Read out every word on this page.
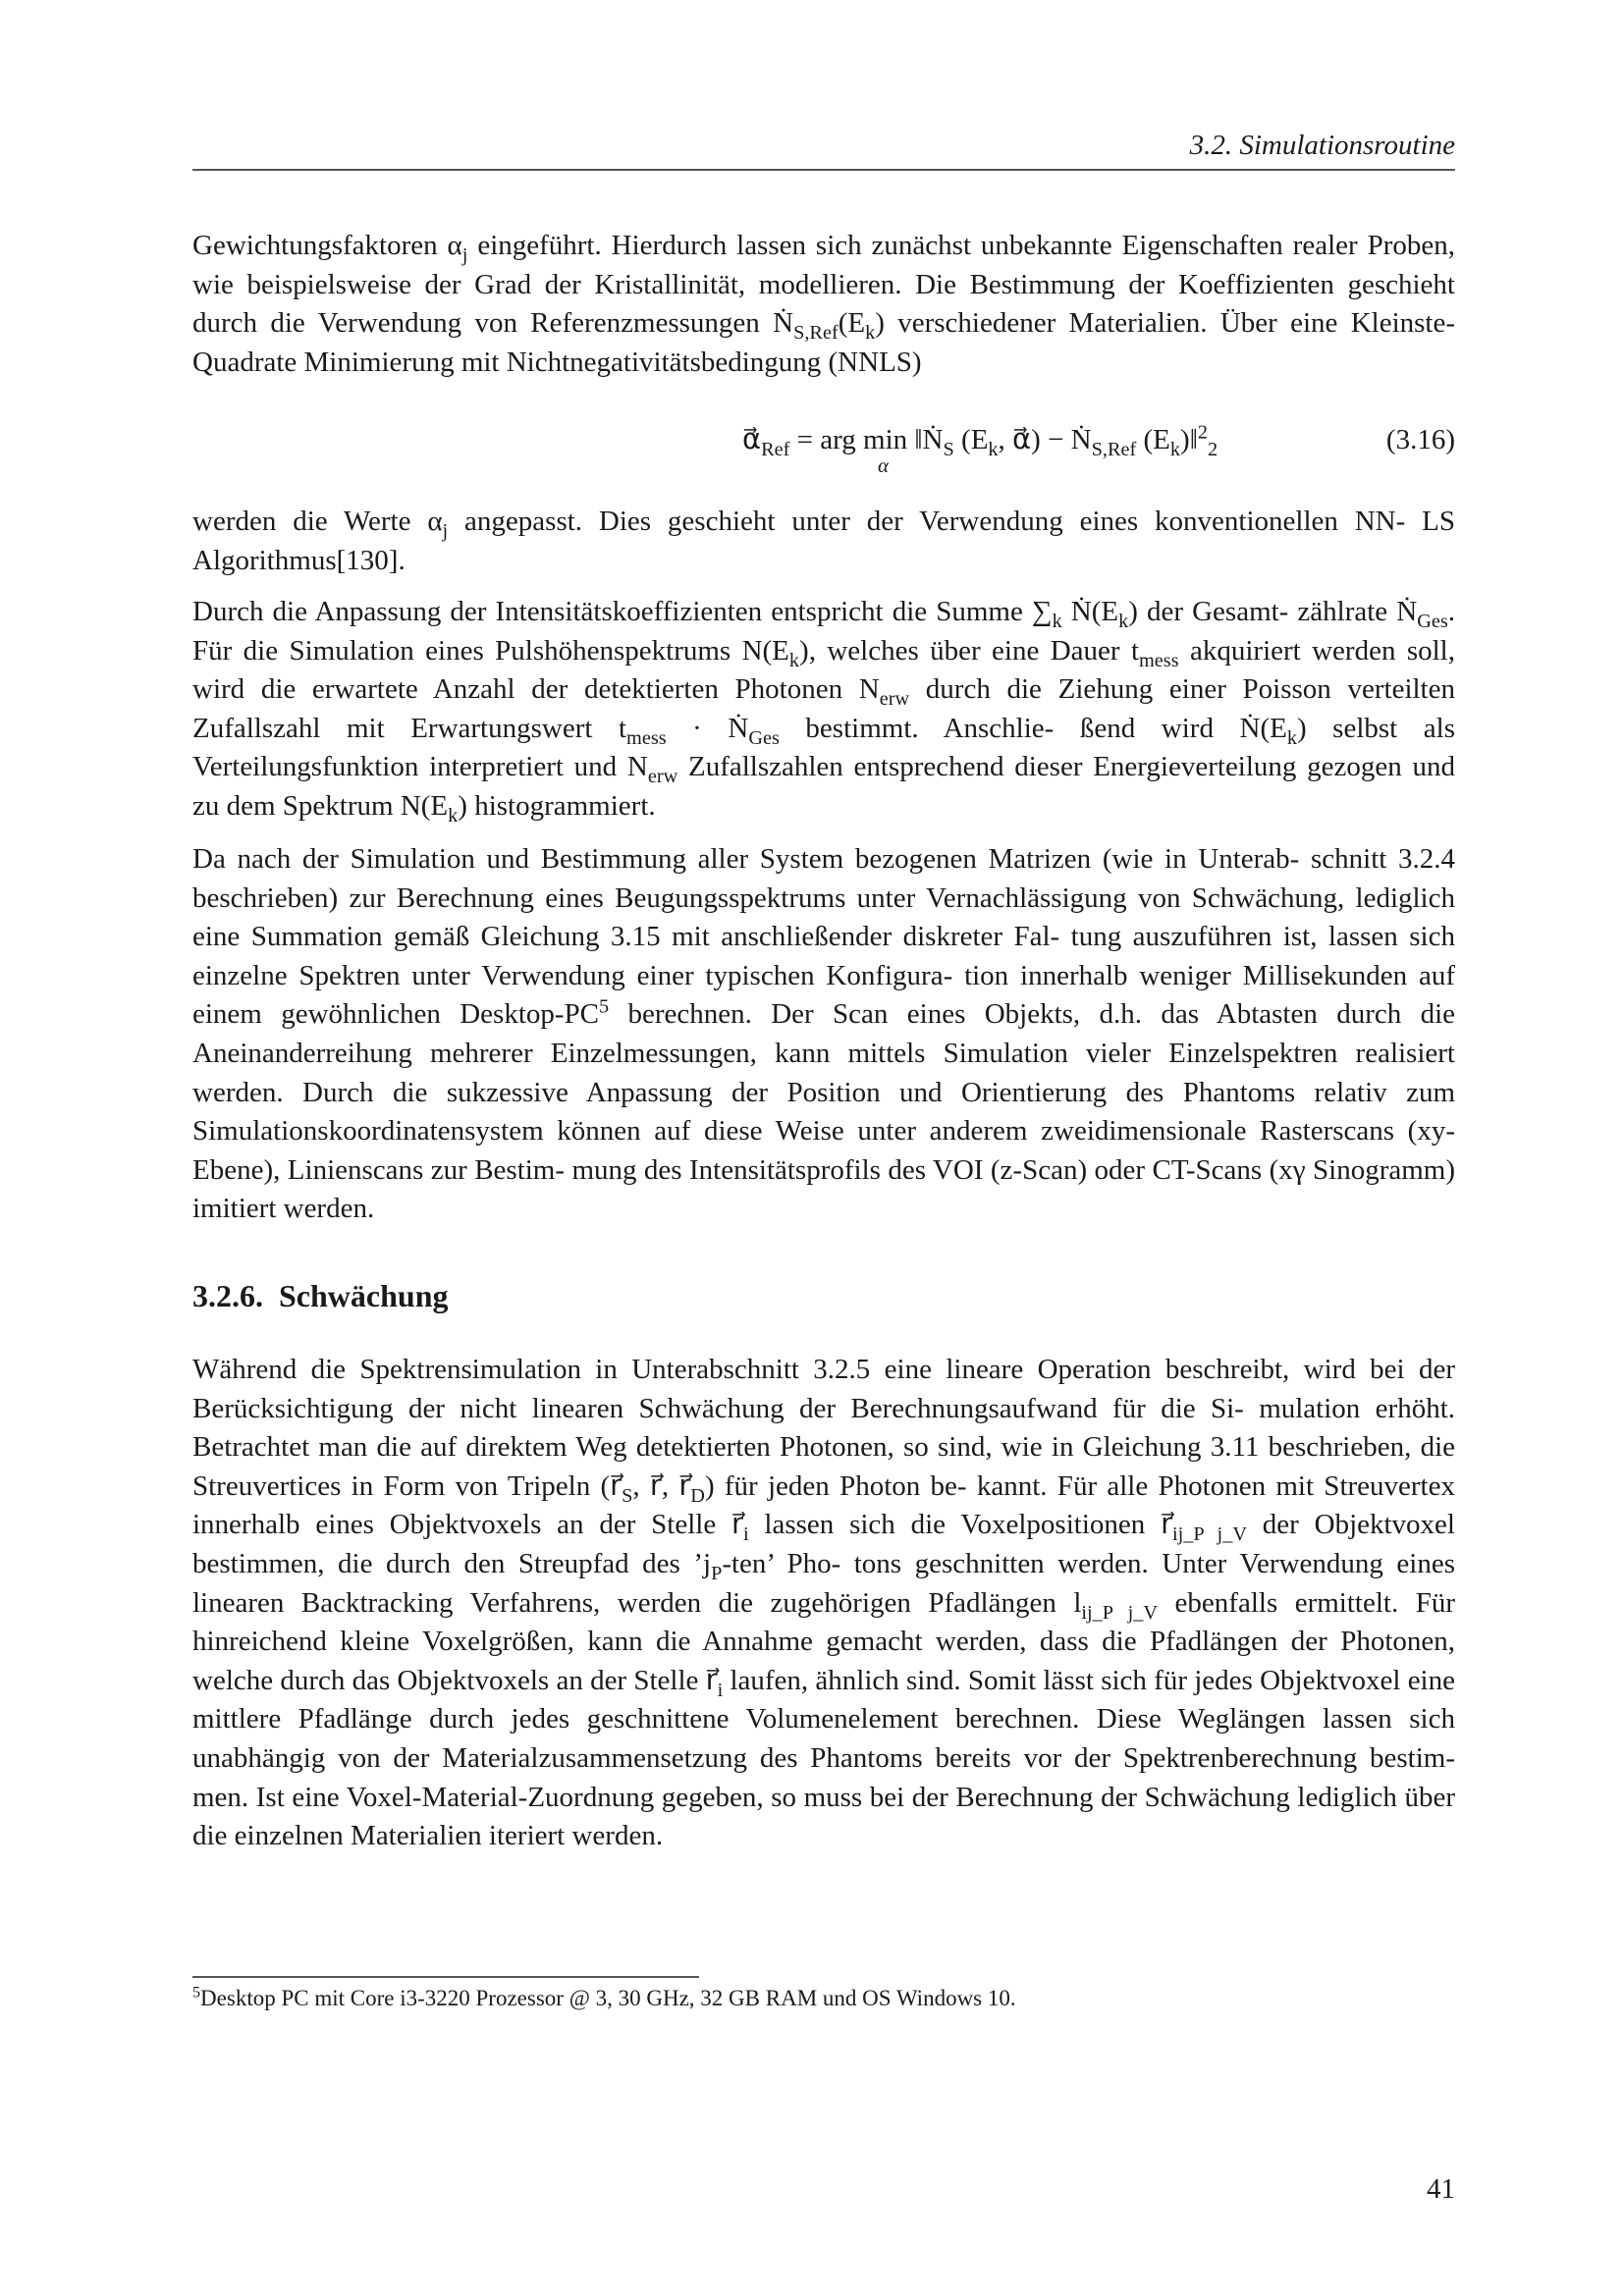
3.2. Simulationsroutine

Gewichtungsfaktoren $\alpha_j$ eingeführt. Hierdurch lassen sich zunächst unbekannte Eigenschaften realer Proben, wie beispielsweise der Grad der Kristallinität, modellieren. Die Bestimmung der Koeffizienten geschieht durch die Verwendung von Referenzmessungen $Ṅ_{S,Ref}(E_k)$ verschiedener Materialien. Über eine Kleinste-Quadrate Minimierung mit Nichtnegativitätsbedingung (NNLS)

$\alpha⃗_{Ref}$ = arg min ‖Ṅ$_S$ ($E_k$, α⃗) − Ṅ$_{S,Ref}$ $(E_k)‖^2_2$
α⃗
(3.16)

werden die Werte $\alpha_j$ angepasst. Dies geschieht unter der Verwendung eines konventionellen NN- LS Algorithmus[130].

Durch die Anpassung der Intensitätskoeffizienten entspricht die Summe $\sum_k$ $Ṅ(E_k)$ der Gesamt- zählrate Ṅ$_{Ges}$. Für die Simulation eines Pulshöhenspektrums $N(E_k)$, welches über eine Dauer $t_{mess}$ akquiriert werden soll, wird die erwartete Anzahl der detektierten Photonen $N_{erw}$ durch die Ziehung einer Poisson verteilten Zufallszahl mit Erwartungswert $t_{mess}$ · Ṅ$_{Ges}$ bestimmt. Anschlie- ßend wird $Ṅ(E_k)$ selbst als Verteilungsfunktion interpretiert und $N_{erw}$ Zufallszahlen entsprechend dieser Energieverteilung gezogen und zu dem Spektrum $N(E_k)$ histogrammiert.

Da nach der Simulation und Bestimmung aller System bezogenen Matrizen (wie in Unterab- schnitt 3.2.4 beschrieben) zur Berechnung eines Beugungsspektrums unter Vernachlässigung von Schwächung, lediglich eine Summation gemäß Gleichung 3.15 mit anschließender diskreter Fal- tung auszuführen ist, lassen sich einzelne Spektren unter Verwendung einer typischen Konfigura- tion innerhalb weniger Millisekunden auf einem gewöhnlichen Desktop-$PC^5$ berechnen. Der Scan eines Objekts, d.h. das Abtasten durch die Aneinanderreihung mehrerer Einzelmessungen, kann mittels Simulation vieler Einzelspektren realisiert werden. Durch die sukzessive Anpassung der Position und Orientierung des Phantoms relativ zum Simulationskoordinatensystem können auf diese Weise unter anderem zweidimensionale Rasterscans (xy-Ebene), Linienscans zur Bestim- mung des Intensitätsprofils des VOI (z-Scan) oder CT-Scans (xγ Sinogramm) imitiert werden.

3.2.6. Schwächung

Während die Spektrensimulation in Unterabschnitt 3.2.5 eine lineare Operation beschreibt, wird bei der Berücksichtigung der nicht linearen Schwächung der Berechnungsaufwand für die Si- mulation erhöht. Betrachtet man die auf direktem Weg detektierten Photonen, so sind, wie in Gleichung 3.11 beschrieben, die Streuvertices in Form von Tripeln ($r⃗_S$, r⃗, $r⃗_D$) für jeden Photon be- kannt. Für alle Photonen mit Streuvertex innerhalb eines Objektvoxels an der Stelle $r⃗_i$ lassen sich die Voxelpositionen $r⃗_{ij\_P j\_V}$ der Objektvoxel bestimmen, die durch den Streupfad des $’j_P$-ten’ Pho- tons geschnitten werden. Unter Verwendung eines linearen Backtracking Verfahrens, werden die zugehörigen Pfadlängen $l_{ij\_P j\_V}$ ebenfalls ermittelt. Für hinreichend kleine Voxelgrößen, kann die Annahme gemacht werden, dass die Pfadlängen der Photonen, welche durch das Objektvoxels an der Stelle $r⃗_i$ laufen, ähnlich sind. Somit lässt sich für jedes Objektvoxel eine mittlere Pfadlänge durch jedes geschnittene Volumenelement berechnen. Diese Weglängen lassen sich unabhängig von der Materialzusammensetzung des Phantoms bereits vor der Spektrenberechnung bestim- men. Ist eine Voxel-Material-Zuordnung gegeben, so muss bei der Berechnung der Schwächung lediglich über die einzelnen Materialien iteriert werden.

$^5$Desktop PC mit Core i3-3220 Prozessor @ 3, 30 GHz, 32 GB RAM und OS Windows 10.

41
